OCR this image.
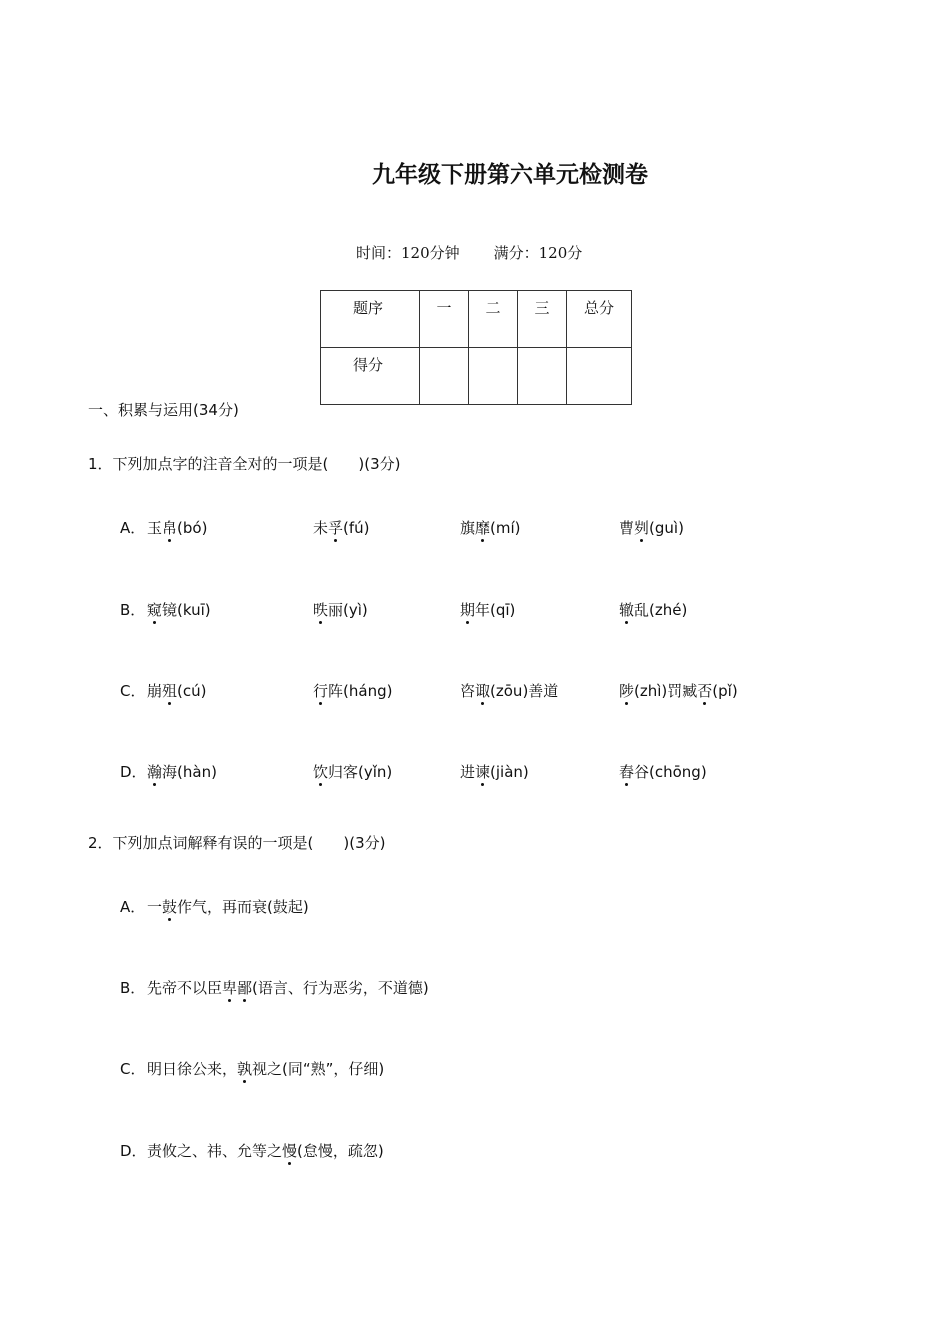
九年级下册第六单元检测卷
时间：120分钟 满分：120分
题序	一	二	三	总分
得分				
一、积累与运用(34分)
1．下列加点字的注音全对的一项是(　　)(3分)
A． 玉帛(bó)	未孚(fú)	旗靡(mí)	曹刿(guì)
B． 窥镜(kuī)	昳丽(yì)	期年(qī)	辙乱(zhé)
C． 崩殂(cú)	行阵(háng)	咨诹(zōu)善道	陟(zhì)罚臧否(pǐ)
D． 瀚海(hàn)	饮归客(yǐn)	进谏(jiàn)	舂谷(chōng)
2．下列加点词解释有误的一项是(　　)(3分)
A． 一鼓作气，再而衰(鼓起)
B． 先帝不以臣卑鄙(语言、行为恶劣，不道德)
C． 明日徐公来，孰视之(同“熟”，仔细)
D． 责攸之、祎、允等之慢(怠慢，疏忽)
